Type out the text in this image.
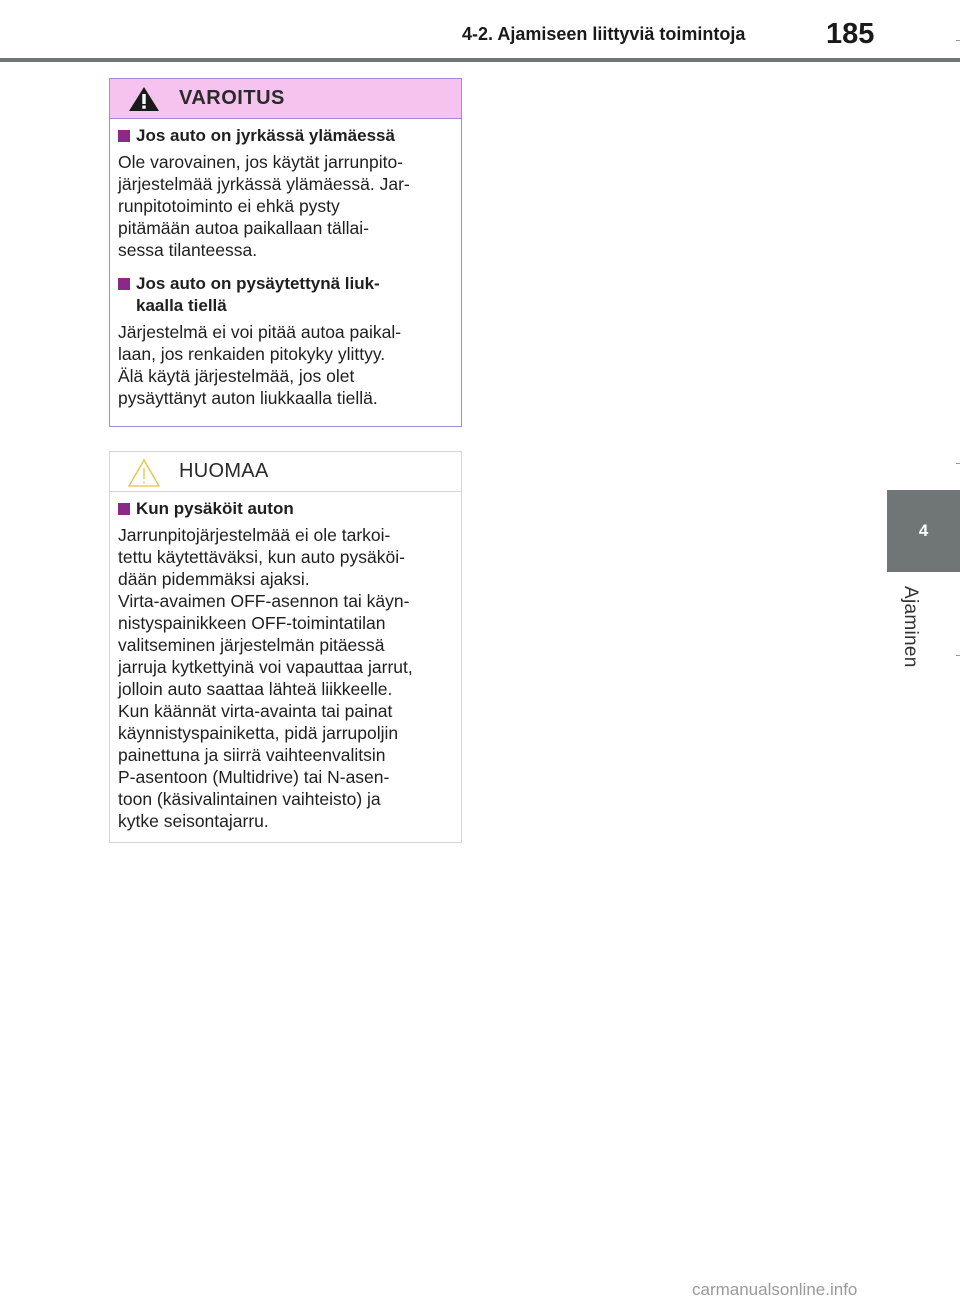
4-2. Ajamiseen liittyviä toimintoja	185
4
Ajaminen
VAROITUS
Jos auto on jyrkässä ylämäessä
Ole varovainen, jos käytät jarrunpito-
järjestelmää jyrkässä ylämäessä. Jar-
runpitotoiminto ei ehkä pysty
pitämään autoa paikallaan tällai-
sessa tilanteessa.
Jos auto on pysäytettynä liuk-
kaalla tiellä
Järjestelmä ei voi pitää autoa paikal-
laan, jos renkaiden pitokyky ylittyy.
Älä käytä järjestelmää, jos olet
pysäyttänyt auton liukkaalla tiellä.
HUOMAA
Kun pysäköit auton
Jarrunpitojärjestelmää ei ole tarkoi-
tettu käytettäväksi, kun auto pysäköi-
dään pidemmäksi ajaksi.
Virta-avaimen OFF-asennon tai käyn-
nistyspainikkeen OFF-toimintatilan
valitseminen järjestelmän pitäessä
jarruja kytkettyinä voi vapauttaa jarrut,
jolloin auto saattaa lähteä liikkeelle.
Kun käännät virta-avainta tai painat
käynnistyspainiketta, pidä jarrupoljin
painettuna ja siirrä vaihteenvalitsin
P-asentoon (Multidrive) tai N-asen-
toon (käsivalintainen vaihteisto) ja
kytke seisontajarru.
carmanualsonline.info
